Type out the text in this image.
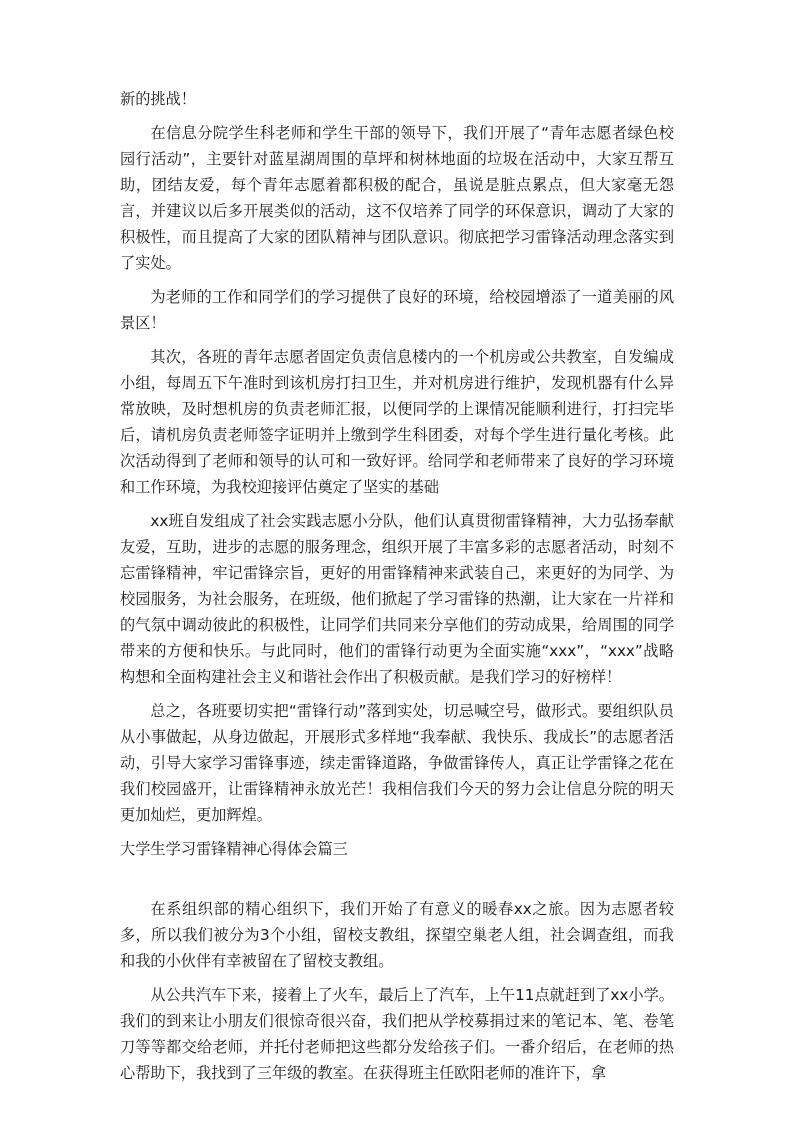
新的挑战！

在信息分院学生科老师和学生干部的领导下，我们开展了“青年志愿者绿色校园行活动”，主要针对蓝星湖周围的草坪和树林地面的垃圾在活动中，大家互帮互助，团结友爱，每个青年志愿着都积极的配合，虽说是脏点累点，但大家毫无怨言，并建议以后多开展类似的活动，这不仅培养了同学的环保意识，调动了大家的积极性，而且提高了大家的团队精神与团队意识。彻底把学习雷锋活动理念落实到了实处。

为老师的工作和同学们的学习提供了良好的环境，给校园增添了一道美丽的风景区！

其次，各班的青年志愿者固定负责信息楼内的一个机房或公共教室，自发编成小组，每周五下午准时到该机房打扫卫生，并对机房进行维护，发现机器有什么异常放映，及时想机房的负责老师汇报，以便同学的上课情况能顺利进行，打扫完毕后，请机房负责老师签字证明并上缴到学生科团委，对每个学生进行量化考核。此次活动得到了老师和领导的认可和一致好评。给同学和老师带来了良好的学习环境和工作环境，为我校迎接评估奠定了坚实的基础

xx班自发组成了社会实践志愿小分队，他们认真贯彻雷锋精神，大力弘扬奉献友爱，互助，进步的志愿的服务理念，组织开展了丰富多彩的志愿者活动，时刻不忘雷锋精神，牢记雷锋宗旨，更好的用雷锋精神来武装自己，来更好的为同学、为校园服务，为社会服务，在班级，他们掀起了学习雷锋的热潮，让大家在一片祥和的气氛中调动彼此的积极性，让同学们共同来分享他们的劳动成果，给周围的同学带来的方便和快乐。与此同时，他们的雷锋行动更为全面实施“xxx”，“xxx”战略构想和全面构建社会主义和谐社会作出了积极贡献。是我们学习的好榜样！

总之，各班要切实把“雷锋行动”落到实处，切忌喊空号，做形式。要组织队员从小事做起，从身边做起，开展形式多样地“我奉献、我快乐、我成长”的志愿者活动，引导大家学习雷锋事迹，续走雷锋道路，争做雷锋传人，真正让学雷锋之花在我们校园盛开，让雷锋精神永放光芒！我相信我们今天的努力会让信息分院的明天更加灿烂，更加辉煌。

大学生学习雷锋精神心得体会篇三

在系组织部的精心组织下，我们开始了有意义的暖春xx之旅。因为志愿者较多，所以我们被分为3个小组，留校支教组，探望空巢老人组，社会调查组，而我和我的小伙伴有幸被留在了留校支教组。

从公共汽车下来，接着上了火车，最后上了汽车，上午11点就赶到了xx小学。我们的到来让小朋友们很惊奇很兴奋，我们把从学校募捐过来的笔记本、笔、卷笔刀等等都交给老师，并托付老师把这些都分发给孩子们。一番介绍后，在老师的热心帮助下，我找到了三年级的教室。在获得班主任欧阳老师的准许下，拿
